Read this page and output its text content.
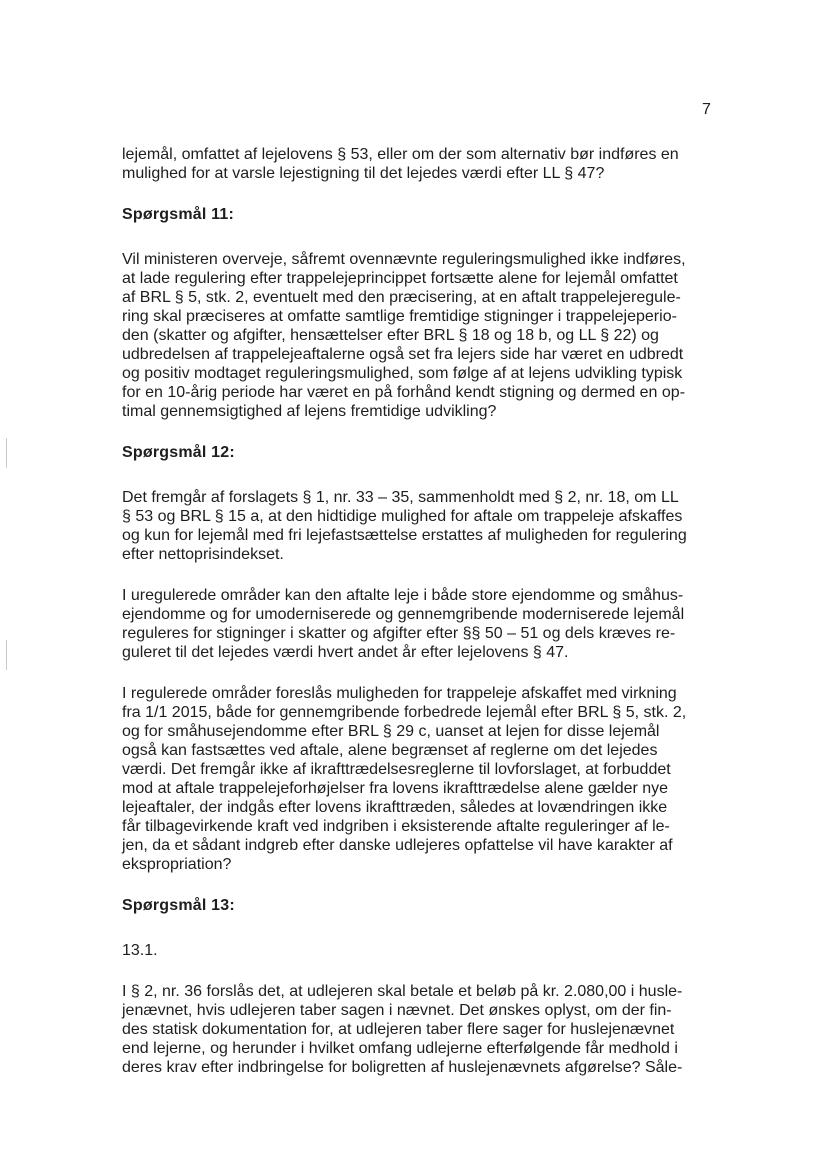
7

lejemål, omfattet af lejelovens § 53, eller om der som alternativ bør indføres en
mulighed for at varsle lejestigning til det lejedes værdi efter LL § 47?

Spørgsmål 11:

Vil ministeren overveje, såfremt ovennævnte reguleringsmulighed ikke indføres,
at lade regulering efter trappelejeprincippet fortsætte alene for lejemål omfattet
af BRL § 5, stk. 2, eventuelt med den præcisering, at en aftalt trappelejeregule-
ring skal præciseres at omfatte samtlige fremtidige stigninger i trappelejeperio-
den (skatter og afgifter, hensættelser efter BRL § 18 og 18 b, og LL § 22) og
udbredelsen af trappelejeaftalerne også set fra lejers side har været en udbredt
og positiv modtaget reguleringsmulighed, som følge af at lejens udvikling typisk
for en 10-årig periode har været en på forhånd kendt stigning og dermed en op-
timal gennemsigtighed af lejens fremtidige udvikling?

Spørgsmål 12:

Det fremgår af forslagets § 1, nr. 33 – 35, sammenholdt med § 2, nr. 18, om LL
§ 53 og BRL § 15 a, at den hidtidige mulighed for aftale om trappeleje afskaffes
og kun for lejemål med fri lejefastsættelse erstattes af muligheden for regulering
efter nettoprisindekset.

I uregulerede områder kan den aftalte leje i både store ejendomme og småhus-
ejendomme og for umoderniserede og gennemgribende moderniserede lejemål
reguleres for stigninger i skatter og afgifter efter §§ 50 – 51 og dels kræves re-
guleret til det lejedes værdi hvert andet år efter lejelovens § 47.

I regulerede områder foreslås muligheden for trappeleje afskaffet med virkning
fra 1/1 2015, både for gennemgribende forbedrede lejemål efter BRL § 5, stk. 2,
og for småhusejendomme efter BRL § 29 c, uanset at lejen for disse lejemål
også kan fastsættes ved aftale, alene begrænset af reglerne om det lejedes
værdi. Det fremgår ikke af ikrafttrædelsesreglerne til lovforslaget, at forbuddet
mod at aftale trappelejeforhøjelser fra lovens ikrafttrædelse alene gælder nye
lejeaftaler, der indgås efter lovens ikrafttræden, således at lovændringen ikke
får tilbagevirkende kraft ved indgriben i eksisterende aftalte reguleringer af le-
jen, da et sådant indgreb efter danske udlejeres opfattelse vil have karakter af
ekspropriation?

Spørgsmål 13:

13.1.

I § 2, nr. 36 forslås det, at udlejeren skal betale et beløb på kr. 2.080,00 i husle-
jenævnet, hvis udlejeren taber sagen i nævnet. Det ønskes oplyst, om der fin-
des statisk dokumentation for, at udlejeren taber flere sager for huslejenævnet
end lejerne, og herunder i hvilket omfang udlejerne efterfølgende får medhold i
deres krav efter indbringelse for boligretten af huslejenævnets afgørelse? Såle-
